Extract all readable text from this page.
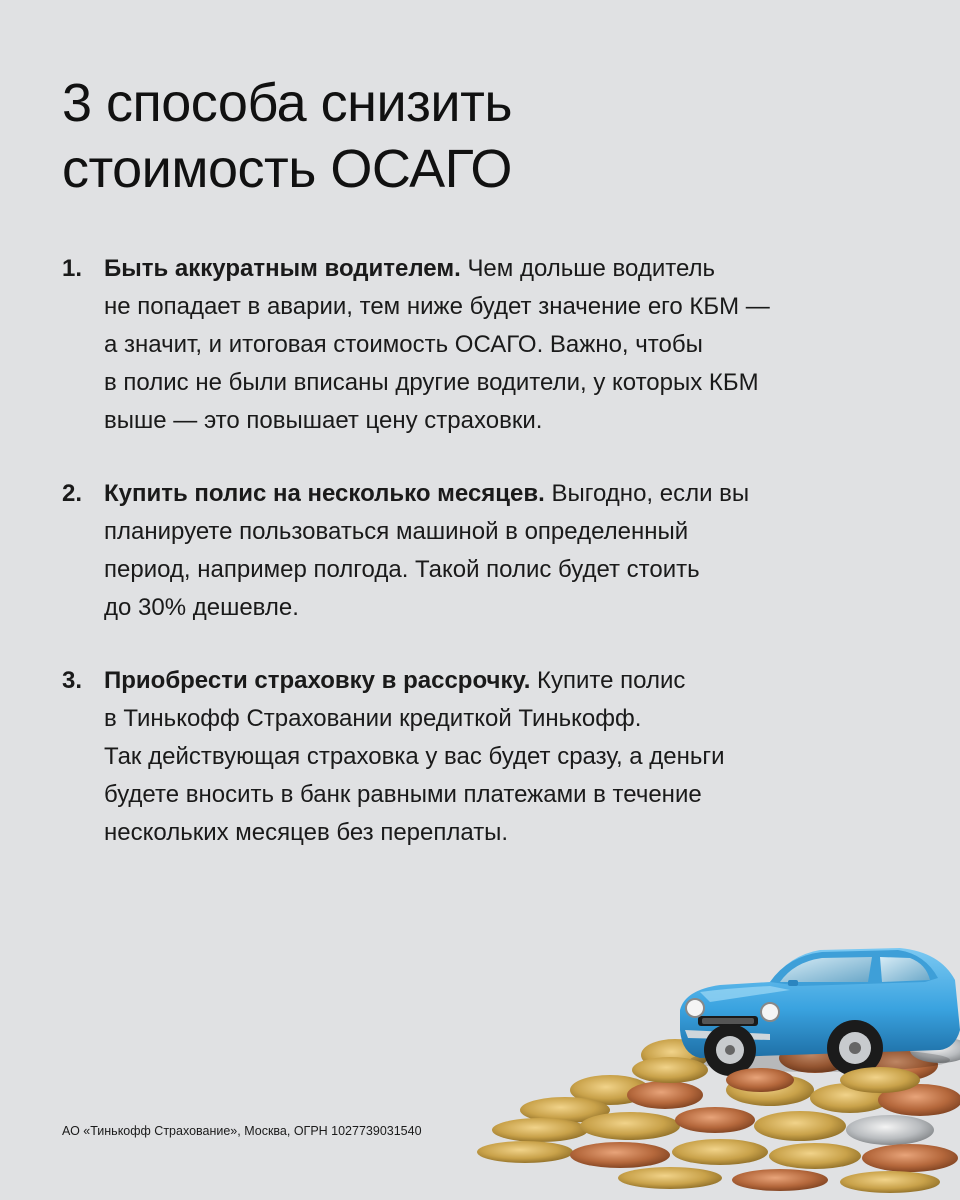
3 способа снизить
стоимость ОСАГО
1. Быть аккуратным водителем. Чем дольше водитель
не попадает в аварии, тем ниже будет значение его КБМ —
а значит, и итоговая стоимость ОСАГО. Важно, чтобы
в полис не были вписаны другие водители, у которых КБМ
выше — это повышает цену страховки.
2. Купить полис на несколько месяцев. Выгодно, если вы
планируете пользоваться машиной в определенный
период, например полгода. Такой полис будет стоить
до 30% дешевле.
3. Приобрести страховку в рассрочку. Купите полис
в Тинькофф Страховании кредиткой Тинькофф.
Так действующая страховка у вас будет сразу, а деньги
будете вносить в банк равными платежами в течение
нескольких месяцев без переплаты.
АО «Тинькофф Страхование», Москва, ОГРН 1027739031540
